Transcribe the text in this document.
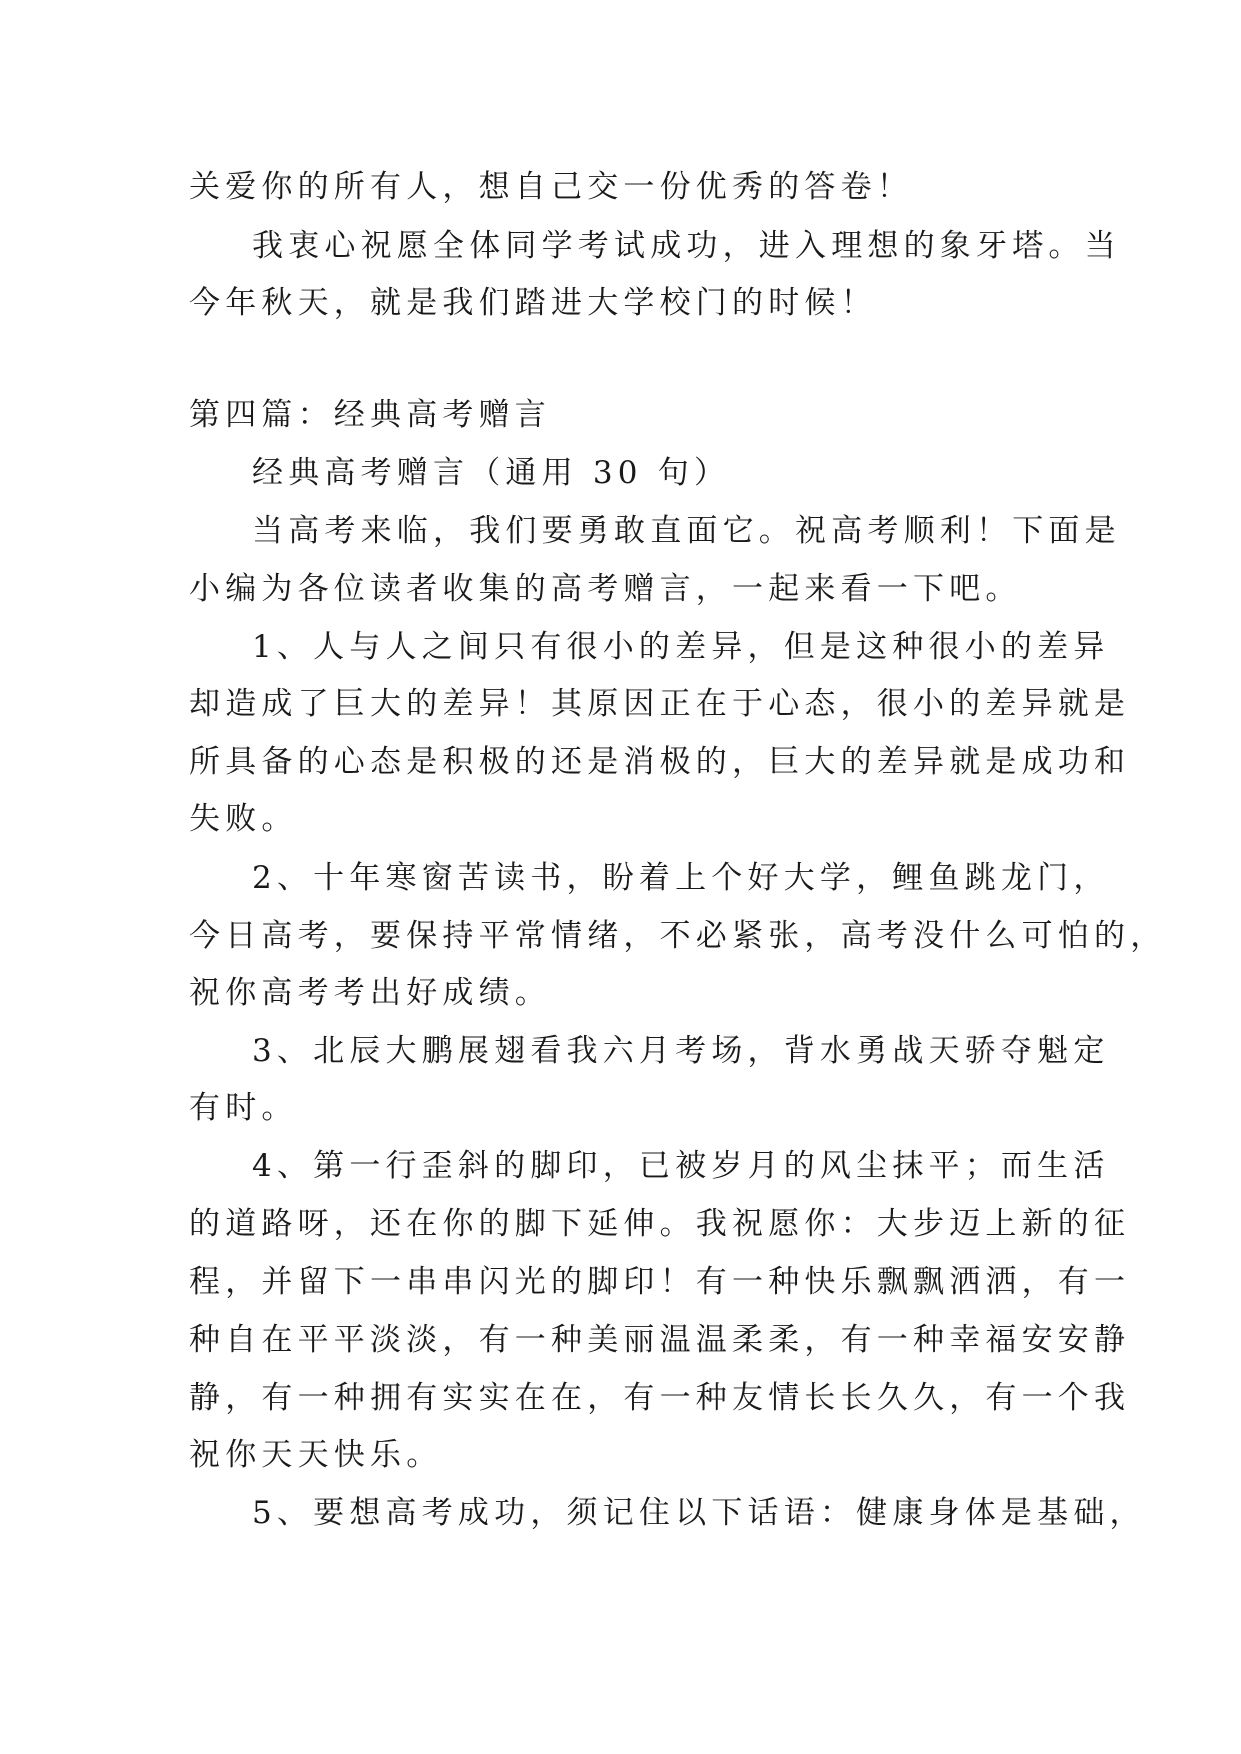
关爱你的所有人，想自己交一份优秀的答卷！
我衷心祝愿全体同学考试成功，进入理想的象牙塔。当
今年秋天，就是我们踏进大学校门的时候！
第四篇：经典高考赠言
经典高考赠言（通用 30 句）
当高考来临，我们要勇敢直面它。祝高考顺利！下面是
小编为各位读者收集的高考赠言，一起来看一下吧。
1、人与人之间只有很小的差异，但是这种很小的差异
却造成了巨大的差异！其原因正在于心态，很小的差异就是
所具备的心态是积极的还是消极的，巨大的差异就是成功和
失败。
2、十年寒窗苦读书，盼着上个好大学，鲤鱼跳龙门，
今日高考，要保持平常情绪，不必紧张，高考没什么可怕的，
祝你高考考出好成绩。
3、北辰大鹏展翅看我六月考场，背水勇战天骄夺魁定
有时。
4、第一行歪斜的脚印，已被岁月的风尘抹平；而生活
的道路呀，还在你的脚下延伸。我祝愿你：大步迈上新的征
程，并留下一串串闪光的脚印！有一种快乐飘飘洒洒，有一
种自在平平淡淡，有一种美丽温温柔柔，有一种幸福安安静
静，有一种拥有实实在在，有一种友情长长久久，有一个我
祝你天天快乐。
5、要想高考成功，须记住以下话语：健康身体是基础，
